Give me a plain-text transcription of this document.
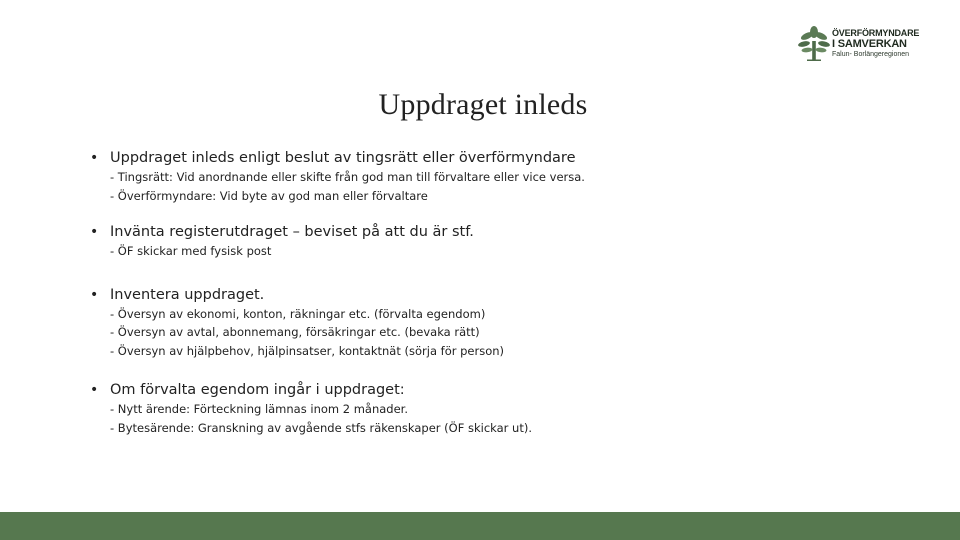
ÖVERFÖRMYNDARE
I SAMVERKAN
Falun- Borlängeregionen
Uppdraget inleds
• Uppdraget inleds enligt beslut av tingsrätt eller överförmyndare
- Tingsrätt: Vid anordnande eller skifte från god man till förvaltare eller vice versa.
- Överförmyndare: Vid byte av god man eller förvaltare
• Invänta registerutdraget – beviset på att du är stf.
- ÖF skickar med fysisk post
• Inventera uppdraget.
- Översyn av ekonomi, konton, räkningar etc. (förvalta egendom)
- Översyn av avtal, abonnemang, försäkringar etc. (bevaka rätt)
- Översyn av hjälpbehov, hjälpinsatser, kontaktnät (sörja för person)
• Om förvalta egendom ingår i uppdraget:
- Nytt ärende: Förteckning lämnas inom 2 månader.
- Bytesärende: Granskning av avgående stfs räkenskaper (ÖF skickar ut).
